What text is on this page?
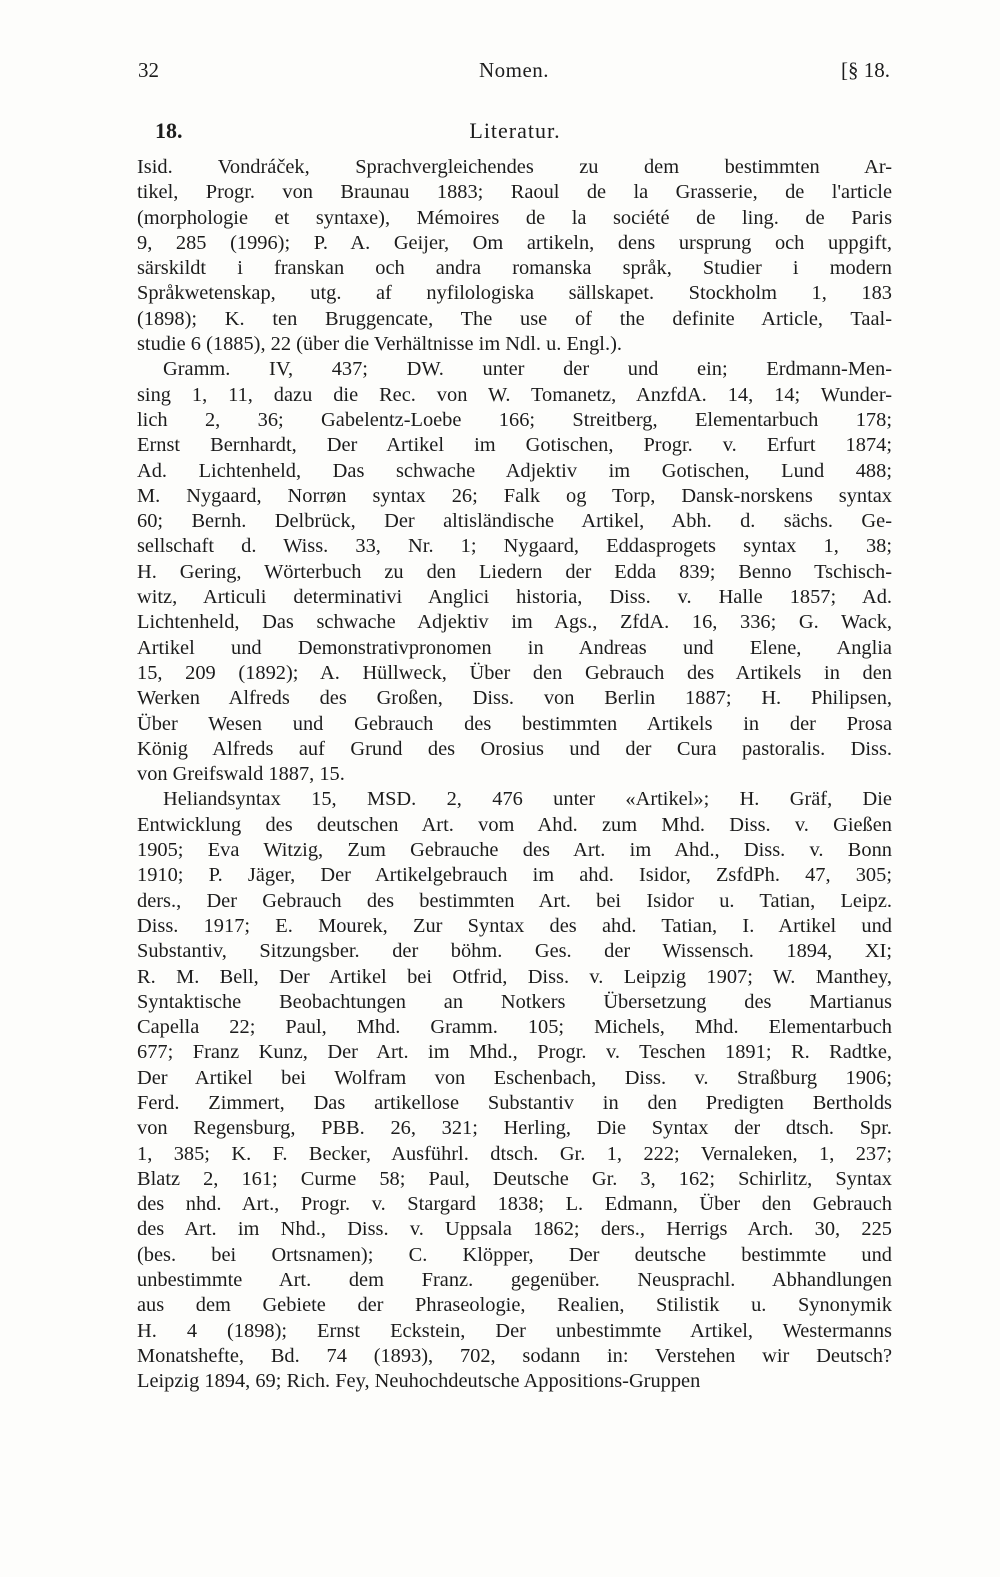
32	Nomen.	[§ 18.
18.	Literatur.
Isid. Vondráček, Sprachvergleichendes zu dem bestimmten Ar-
tikel, Progr. von Braunau 1883; Raoul de la Grasserie, de l'article
(morphologie et syntaxe), Mémoires de la société de ling. de Paris
9, 285 (1996); P. A. Geijer, Om artikeln, dens ursprung och uppgift,
särskildt i franskan och andra romanska språk, Studier i modern
Språkwetenskap, utg. af nyfilologiska sällskapet. Stockholm 1, 183
(1898); K. ten Bruggencate, The use of the definite Article, Taal-
studie 6 (1885), 22 (über die Verhältnisse im Ndl. u. Engl.).
Gramm. IV, 437; DW. unter der und ein; Erdmann-Men-
sing 1, 11, dazu die Rec. von W. Tomanetz, AnzfdA. 14, 14; Wunder-
lich 2, 36; Gabelentz-Loebe 166; Streitberg, Elementarbuch 178;
Ernst Bernhardt, Der Artikel im Gotischen, Progr. v. Erfurt 1874;
Ad. Lichtenheld, Das schwache Adjektiv im Gotischen, Lund 488;
M. Nygaard, Norrøn syntax 26; Falk og Torp, Dansk-norskens syntax
60; Bernh. Delbrück, Der altisländische Artikel, Abh. d. sächs. Ge-
sellschaft d. Wiss. 33, Nr. 1; Nygaard, Eddasprogets syntax 1, 38;
H. Gering, Wörterbuch zu den Liedern der Edda 839; Benno Tschisch-
witz, Articuli determinativi Anglici historia, Diss. v. Halle 1857; Ad.
Lichtenheld, Das schwache Adjektiv im Ags., ZfdA. 16, 336; G. Wack,
Artikel und Demonstrativpronomen in Andreas und Elene, Anglia
15, 209 (1892); A. Hüllweck, Über den Gebrauch des Artikels in den
Werken Alfreds des Großen, Diss. von Berlin 1887; H. Philipsen,
Über Wesen und Gebrauch des bestimmten Artikels in der Prosa
König Alfreds auf Grund des Orosius und der Cura pastoralis. Diss.
von Greifswald 1887, 15.
Heliandsyntax 15, MSD. 2, 476 unter «Artikel»; H. Gräf, Die
Entwicklung des deutschen Art. vom Ahd. zum Mhd. Diss. v. Gießen
1905; Eva Witzig, Zum Gebrauche des Art. im Ahd., Diss. v. Bonn
1910; P. Jäger, Der Artikelgebrauch im ahd. Isidor, ZsfdPh. 47, 305;
ders., Der Gebrauch des bestimmten Art. bei Isidor u. Tatian, Leipz.
Diss. 1917; E. Mourek, Zur Syntax des ahd. Tatian, I. Artikel und
Substantiv, Sitzungsber. der böhm. Ges. der Wissensch. 1894, XI;
R. M. Bell, Der Artikel bei Otfrid, Diss. v. Leipzig 1907; W. Manthey,
Syntaktische Beobachtungen an Notkers Übersetzung des Martianus
Capella 22; Paul, Mhd. Gramm. 105; Michels, Mhd. Elementarbuch
677; Franz Kunz, Der Art. im Mhd., Progr. v. Teschen 1891; R. Radtke,
Der Artikel bei Wolfram von Eschenbach, Diss. v. Straßburg 1906;
Ferd. Zimmert, Das artikellose Substantiv in den Predigten Bertholds
von Regensburg, PBB. 26, 321; Herling, Die Syntax der dtsch. Spr.
1, 385; K. F. Becker, Ausführl. dtsch. Gr. 1, 222; Vernaleken, 1, 237;
Blatz 2, 161; Curme 58; Paul, Deutsche Gr. 3, 162; Schirlitz, Syntax
des nhd. Art., Progr. v. Stargard 1838; L. Edmann, Über den Gebrauch
des Art. im Nhd., Diss. v. Uppsala 1862; ders., Herrigs Arch. 30, 225
(bes. bei Ortsnamen); C. Klöpper, Der deutsche bestimmte und
unbestimmte Art. dem Franz. gegenüber. Neusprachl. Abhandlungen
aus dem Gebiete der Phraseologie, Realien, Stilistik u. Synonymik
H. 4 (1898); Ernst Eckstein, Der unbestimmte Artikel, Westermanns
Monatshefte, Bd. 74 (1893), 702, sodann in: Verstehen wir Deutsch?
Leipzig 1894, 69; Rich. Fey, Neuhochdeutsche Appositions-Gruppen
